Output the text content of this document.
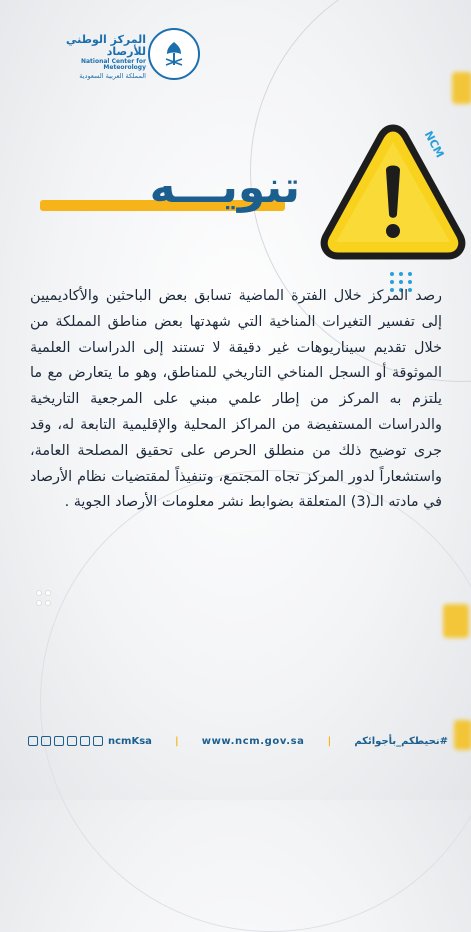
المركز الوطني للأرصاد
National Center for Meteorology
المملكة العربية السعودية
NCM
تنويـــه
رصد المركز خلال الفترة الماضية تسابق بعض الباحثين والأكاديميين إلى تفسير التغيرات المناخية التي شهدتها بعض مناطق المملكة من خلال تقديم سيناريوهات غير دقيقة لا تستند إلى الدراسات العلمية الموثوقة أو السجل المناخي التاريخي للمناطق، وهو ما يتعارض مع ما يلتزم به المركز من إطار علمي مبني على المرجعية التاريخية والدراسات المستفيضة من المراكز المحلية والإقليمية التابعة له، وقد جرى توضيح ذلك من منطلق الحرص على تحقيق المصلحة العامة، واستشعاراً لدور المركز تجاه المجتمع، وتنفيذاً لمقتضيات نظام الأرصاد في مادته الـ(3) المتعلقة بضوابط نشر معلومات الأرصاد الجوية .
ncmKsa | www.ncm.gov.sa | #نحيطكم_بأجوائكم
